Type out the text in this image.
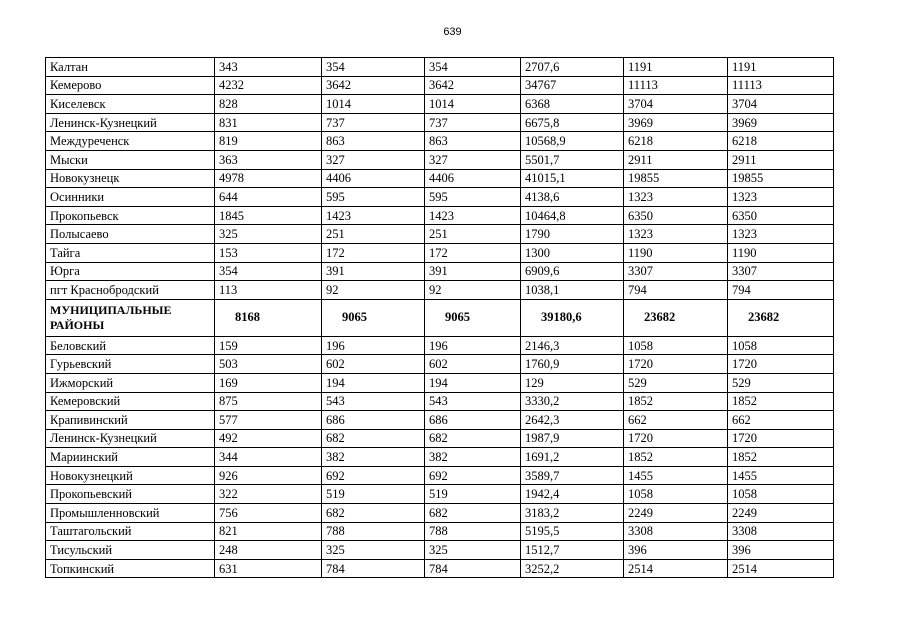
639
Калтан	343	354	354	2707,6	1191	1191
Кемерово	4232	3642	3642	34767	11113	11113
Киселевск	828	1014	1014	6368	3704	3704
Ленинск-Кузнецкий	831	737	737	6675,8	3969	3969
Междуреченск	819	863	863	10568,9	6218	6218
Мыски	363	327	327	5501,7	2911	2911
Новокузнецк	4978	4406	4406	41015,1	19855	19855
Осинники	644	595	595	4138,6	1323	1323
Прокопьевск	1845	1423	1423	10464,8	6350	6350
Полысаево	325	251	251	1790	1323	1323
Тайга	153	172	172	1300	1190	1190
Юрга	354	391	391	6909,6	3307	3307
пгт Краснобродский	113	92	92	1038,1	794	794
МУНИЦИПАЛЬНЫЕ РАЙОНЫ	8168	9065	9065	39180,6	23682	23682
Беловский	159	196	196	2146,3	1058	1058
Гурьевский	503	602	602	1760,9	1720	1720
Ижморский	169	194	194	129	529	529
Кемеровский	875	543	543	3330,2	1852	1852
Крапивинский	577	686	686	2642,3	662	662
Ленинск-Кузнецкий	492	682	682	1987,9	1720	1720
Мариинский	344	382	382	1691,2	1852	1852
Новокузнецкий	926	692	692	3589,7	1455	1455
Прокопьевский	322	519	519	1942,4	1058	1058
Промышленновский	756	682	682	3183,2	2249	2249
Таштагольский	821	788	788	5195,5	3308	3308
Тисульский	248	325	325	1512,7	396	396
Топкинский	631	784	784	3252,2	2514	2514
